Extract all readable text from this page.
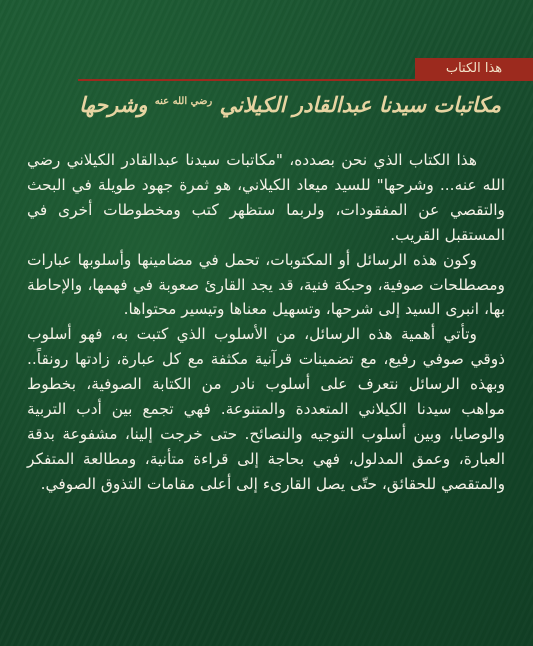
هذا الكتاب
مكاتبات سيدنا عبدالقادر الكيلاني $^{رضي الله عنه}$ وشرحها

هذا الكتاب الذي نحن بصدده، "مكاتبات سيدنا عبدالقادر الكيلاني رضي الله عنه... وشرحها" للسيد ميعاد الكيلاني، هو ثمرة جهود طويلة في البحث والتقصي عن المفقودات، ولربما ستظهر كتب ومخطوطات أخرى في المستقبل القريب.

وكون هذه الرسائل أو المكتوبات، تحمل في مضامينها وأسلوبها عبارات ومصطلحات صوفية، وحبكة فنية، قد يجد القارئ صعوبة في فهمها، والإحاطة بها، انبرى السيد إلى شرحها، وتسهيل معناها وتيسير محتواها.

وتأتي أهمية هذه الرسائل، من الأسلوب الذي كتبت به، فهو أسلوب ذوقي صوفي رفيع، مع تضمينات قرآنية مكثفة مع كل عبارة، زادتها رونقاً.. وبهذه الرسائل نتعرف على أسلوب نادر من الكتابة الصوفية، بخطوط مواهب سيدنا الكيلاني المتعددة والمتنوعة. فهي تجمع بين أدب التربية والوصايا، وبين أسلوب التوجيه والنصائح. حتى خرجت إلينا، مشفوعة بدقة العبارة، وعمق المدلول، فهي بحاجة إلى قراءة متأنية، ومطالعة المتفكر والمتقصي للحقائق، حتّى يصل القارىء إلى أعلى مقامات التذوق الصوفي.
